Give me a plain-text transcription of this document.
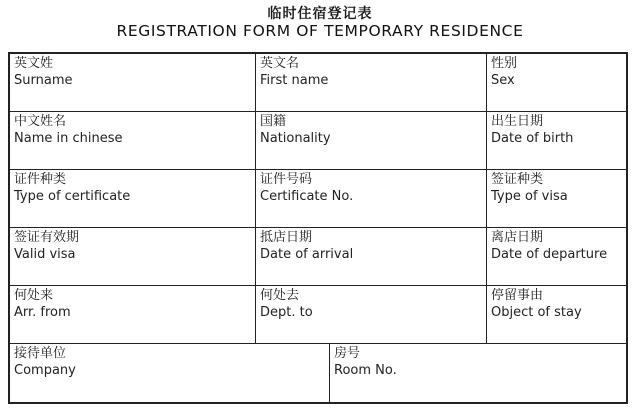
临时住宿登记表
REGISTRATION FORM OF TEMPORARY RESIDENCE
英文姓
Surname
英文名
First name
性别
Sex
中文姓名
Name in chinese
国籍
Nationality
出生日期
Date of birth
证件种类
Type of certificate
证件号码
Certificate No.
签证种类
Type of visa
签证有效期
Valid visa
抵店日期
Date of arrival
离店日期
Date of departure
何处来
Arr. from
何处去
Dept. to
停留事由
Object of stay
接待单位
Company
房号
Room No.
